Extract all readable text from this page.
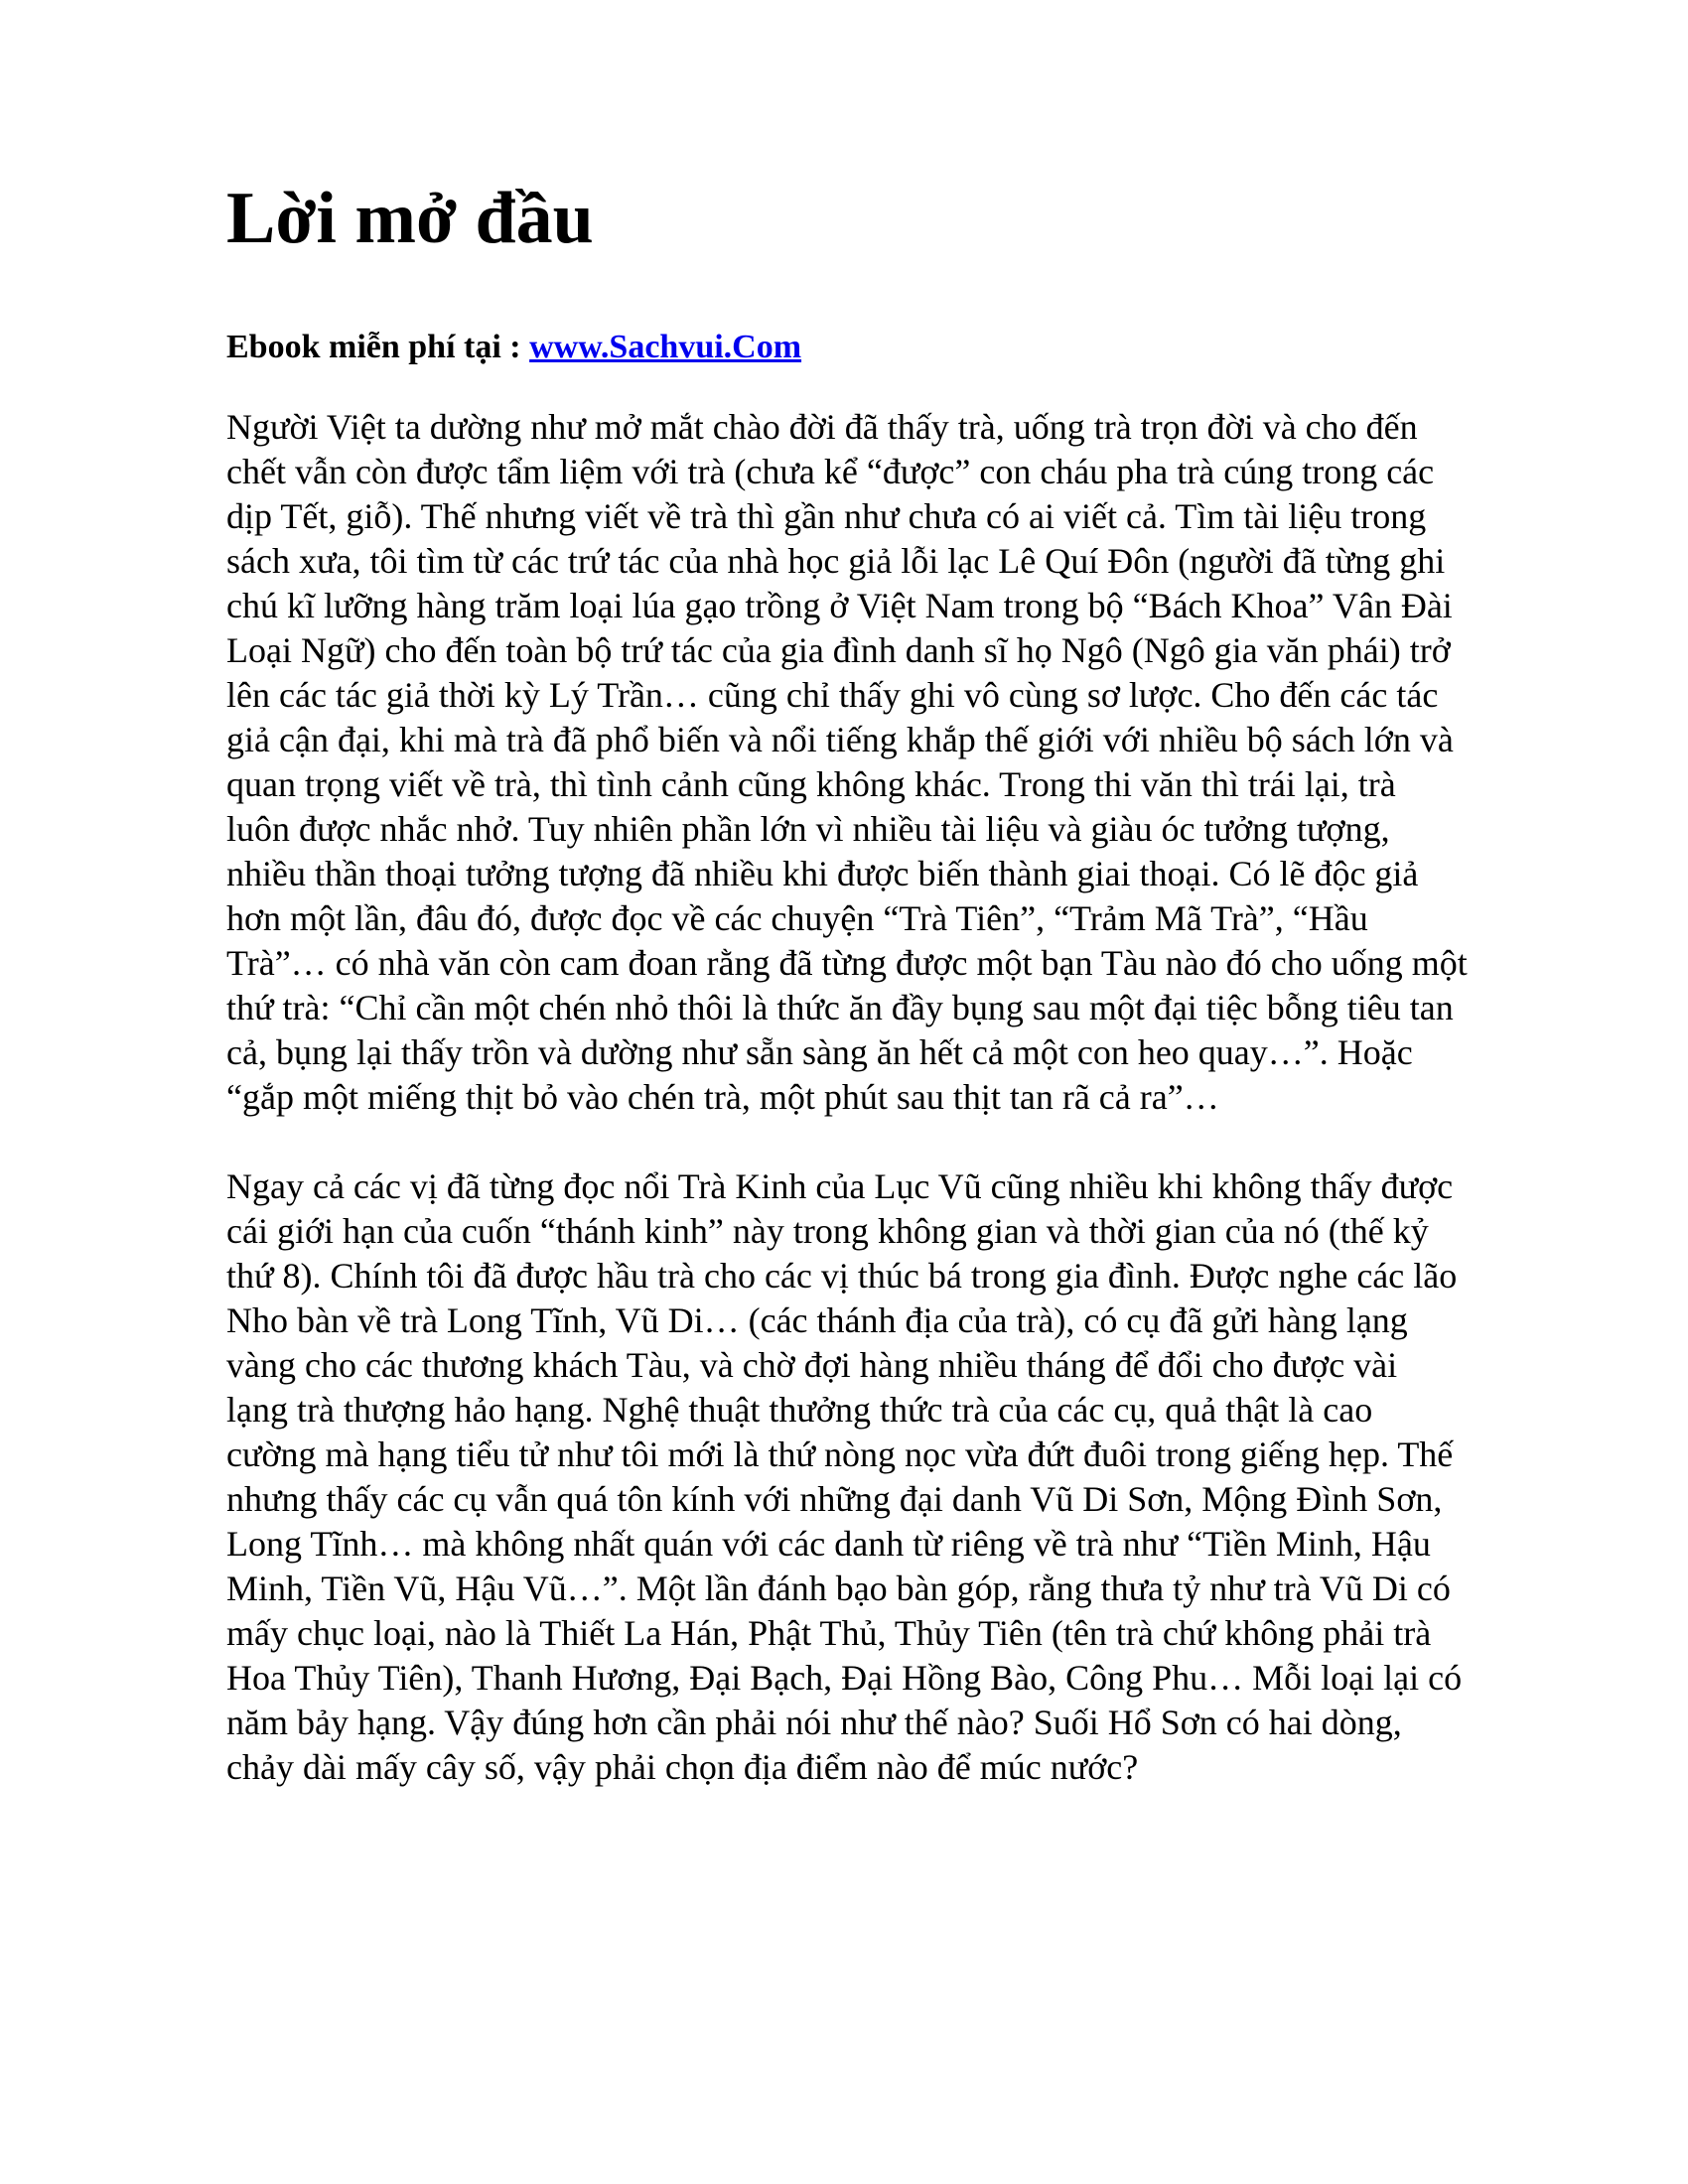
Lời mở đầu

Ebook miễn phí tại : www.Sachvui.Com

Người Việt ta dường như mở mắt chào đời đã thấy trà, uống trà trọn đời và cho đến chết vẫn còn được tẩm liệm với trà (chưa kể “được” con cháu pha trà cúng trong các dịp Tết, giỗ). Thế nhưng viết về trà thì gần như chưa có ai viết cả. Tìm tài liệu trong sách xưa, tôi tìm từ các trứ tác của nhà học giả lỗi lạc Lê Quí Đôn (người đã từng ghi chú kĩ lưỡng hàng trăm loại lúa gạo trồng ở Việt Nam trong bộ “Bách Khoa” Vân Đài Loại Ngữ) cho đến toàn bộ trứ tác của gia đình danh sĩ họ Ngô (Ngô gia văn phái) trở lên các tác giả thời kỳ Lý Trần… cũng chỉ thấy ghi vô cùng sơ lược. Cho đến các tác giả cận đại, khi mà trà đã phổ biến và nổi tiếng khắp thế giới với nhiều bộ sách lớn và quan trọng viết về trà, thì tình cảnh cũng không khác. Trong thi văn thì trái lại, trà luôn được nhắc nhở. Tuy nhiên phần lớn vì nhiều tài liệu và giàu óc tưởng tượng, nhiều thần thoại tưởng tượng đã nhiều khi được biến thành giai thoại. Có lẽ độc giả hơn một lần, đâu đó, được đọc về các chuyện “Trà Tiên”, “Trảm Mã Trà”, “Hầu Trà”… có nhà văn còn cam đoan rằng đã từng được một bạn Tàu nào đó cho uống một thứ trà: “Chỉ cần một chén nhỏ thôi là thức ăn đầy bụng sau một đại tiệc bỗng tiêu tan cả, bụng lại thấy trồn và dường như sẵn sàng ăn hết cả một con heo quay…”. Hoặc “gắp một miếng thịt bỏ vào chén trà, một phút sau thịt tan rã cả ra”…

Ngay cả các vị đã từng đọc nổi Trà Kinh của Lục Vũ cũng nhiều khi không thấy được cái giới hạn của cuốn “thánh kinh” này trong không gian và thời gian của nó (thế kỷ thứ 8). Chính tôi đã được hầu trà cho các vị thúc bá trong gia đình. Được nghe các lão Nho bàn về trà Long Tĩnh, Vũ Di… (các thánh địa của trà), có cụ đã gửi hàng lạng vàng cho các thương khách Tàu, và chờ đợi hàng nhiều tháng để đổi cho được vài lạng trà thượng hảo hạng. Nghệ thuật thưởng thức trà của các cụ, quả thật là cao cường mà hạng tiểu tử như tôi mới là thứ nòng nọc vừa đứt đuôi trong giếng hẹp. Thế nhưng thấy các cụ vẫn quá tôn kính với những đại danh Vũ Di Sơn, Mộng Đình Sơn, Long Tĩnh… mà không nhất quán với các danh từ riêng về trà như “Tiền Minh, Hậu Minh, Tiền Vũ, Hậu Vũ…”. Một lần đánh bạo bàn góp, rằng thưa tỷ như trà Vũ Di có mấy chục loại, nào là Thiết La Hán, Phật Thủ, Thủy Tiên (tên trà chứ không phải trà Hoa Thủy Tiên), Thanh Hương, Đại Bạch, Đại Hồng Bào, Công Phu… Mỗi loại lại có năm bảy hạng. Vậy đúng hơn cần phải nói như thế nào? Suối Hổ Sơn có hai dòng, chảy dài mấy cây số, vậy phải chọn địa điểm nào để múc nước?
